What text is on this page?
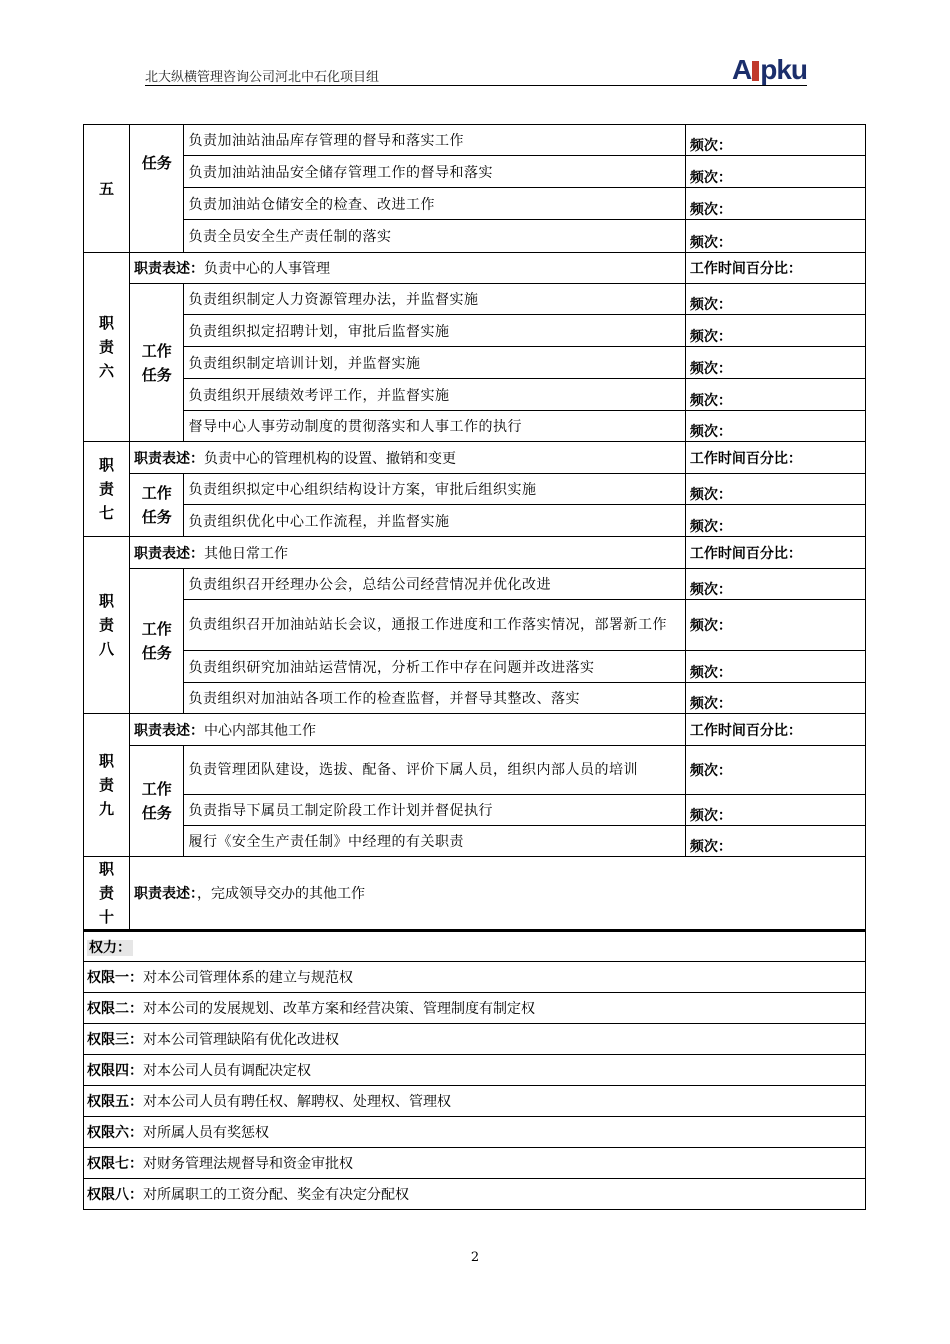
北大纵横管理咨询公司河北中石化项目组	A pku
五	任务	负责加油站油品库存管理的督导和落实工作	频次：
		负责加油站油品安全储存管理工作的督导和落实	频次：
		负责加油站仓储安全的检查、改进工作	频次：
		负责全员安全生产责任制的落实	频次：
职责六	职责表述：负责中心的人事管理		工作时间百分比：
	工作任务	负责组织制定人力资源管理办法，并监督实施	频次：
		负责组织拟定招聘计划，审批后监督实施	频次：
		负责组织制定培训计划，并监督实施	频次：
		负责组织开展绩效考评工作，并监督实施	频次：
		督导中心人事劳动制度的贯彻落实和人事工作的执行	频次：
职责七	职责表述：负责中心的管理机构的设置、撤销和变更		工作时间百分比：
	工作任务	负责组织拟定中心组织结构设计方案，审批后组织实施	频次：
		负责组织优化中心工作流程，并监督实施	频次：
职责八	职责表述：其他日常工作		工作时间百分比：
	工作任务	负责组织召开经理办公会，总结公司经营情况并优化改进	频次：
		负责组织召开加油站站长会议，通报工作进度和工作落实情况，部署新工作	频次：
		负责组织研究加油站运营情况，分析工作中存在问题并改进落实	频次：
		负责组织对加油站各项工作的检查监督，并督导其整改、落实	频次：
职责九	职责表述：中心内部其他工作		工作时间百分比：
	工作任务	负责管理团队建设，选拔、配备、评价下属人员，组织内部人员的培训	频次：
		负责指导下属员工制定阶段工作计划并督促执行	频次：
		履行《安全生产责任制》中经理的有关职责	频次：
职责十	职责表述：，完成领导交办的其他工作		
权力：
权限一：对本公司管理体系的建立与规范权
权限二：对本公司的发展规划、改革方案和经营决策、管理制度有制定权
权限三：对本公司管理缺陷有优化改进权
权限四：对本公司人员有调配决定权
权限五：对本公司人员有聘任权、解聘权、处理权、管理权
权限六：对所属人员有奖惩权
权限七：对财务管理法规督导和资金审批权
权限八：对所属职工的工资分配、奖金有决定分配权
2
